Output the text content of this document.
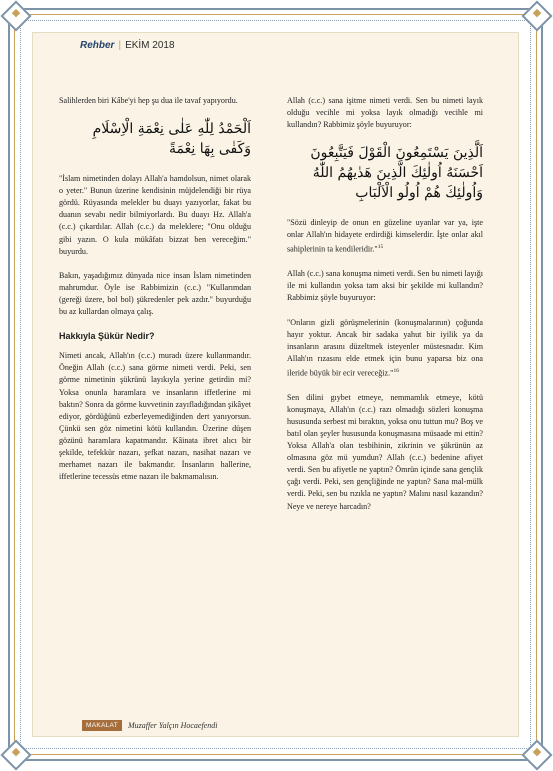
Rehber | EKİM 2018

Salihlerden biri Kâbe'yi hep şu dua ile tavaf yapıyordu.

اَلْحَمْدُ لِلّٰهِ عَلٰى نِعْمَةِ الْاِسْلَامِ
وَكَفٰى بِهَا نِعْمَةً

"İslam nimetinden dolayı Allah'a hamdolsun, nimet olarak o yeter." Bunun üzerine kendisinin müjdelendiği bir rüya gördü. Rüyasında melekler bu duayı yazıyorlar, fakat bu duanın sevabı nedir bilmiyorlardı. Bu duayı Hz. Allah'a (c.c.) çıkardılar. Allah (c.c.) da meleklere; "Onu olduğu gibi yazın. O kula mükâfatı bizzat ben vereceğim." buyurdu.

Bakın, yaşadığımız dünyada nice insan İslam nimetinden mahrumdur. Öyle ise Rabbimizin (c.c.) "Kullarımdan (gereği üzere, bol bol) şükredenler pek azdır." buyurduğu bu az kullardan olmaya çalış.

Hakkıyla Şükür Nedir?

Nimeti ancak, Allah'ın (c.c.) muradı üzere kullanmandır. Öneğin Allah (c.c.) sana görme nimeti verdi. Peki, sen görme nimetinin şükrünü layıkıyla yerine getirdin mi? Yoksa onunla haramlara ve insanların iffetlerine mi baktın? Sonra da görme kuvvetinin zayıfladığından şikâyet ediyor, gördüğünü ezberleyemediğinden dert yanıyorsun. Çünkü sen göz nimetini kötü kullandın. Üzerine düşen gözünü haramlara kapatmandır. Kâinata ibret alıcı bir şekilde, tefekkür nazarı, şefkat nazarı, nasihat nazarı ve merhamet nazarı ile bakmandır. İnsanların hallerine, iffetlerine tecessüs etme nazarı ile bakmamalısın.

Allah (c.c.) sana işitme nimeti verdi. Sen bu nimeti layık olduğu vecihle mi yoksa layık olmadığı vecihle mi kullandın? Rabbimiz şöyle buyuruyor:

اَلَّذِينَ يَسْتَمِعُونَ الْقَوْلَ فَيَتَّبِعُونَ
اَحْسَنَهُ اُولٰئِكَ الَّذِينَ هَدٰيهُمُ اللّٰهُ
وَاُولٰئِكَ هُمْ اُولُو الْاَلْبَابِ

"Sözü dinleyip de onun en güzeline uyanlar var ya, işte onlar Allah'ın hidayete erdirdiği kimselerdir. İşte onlar akıl sahiplerinin ta kendileridir."$^{15}$

Allah (c.c.) sana konuşma nimeti verdi. Sen bu nimeti layığı ile mi kullandın yoksa tam aksi bir şekilde mi kullandın? Rabbimiz şöyle buyuruyor:

"Onların gizli görüşmelerinin (konuşmalarının) çoğunda hayır yoktur. Ancak bir sadaka yahut bir iyilik ya da insanların arasını düzeltmek isteyenler müstesnadır. Kim Allah'ın rızasını elde etmek için bunu yaparsa biz ona ileride büyük bir ecir vereceğiz."$^{16}$

Sen dilini gıybet etmeye, nemmamlık etmeye, kötü konuşmaya, Allah'ın (c.c.) razı olmadığı sözleri konuşma hususunda serbest mi bıraktın, yoksa onu tuttun mu? Boş ve batıl olan şeyler hususunda konuşmasına müsaade mi ettin? Yoksa Allah'a olan tesbihinin, zikrinin ve şükrünün az olmasına göz mü yumdun? Allah (c.c.) bedenine afiyet verdi. Sen bu afiyetle ne yaptın? Ömrün içinde sana gençlik çağı verdi. Peki, sen gençliğinde ne yaptın? Sana mal-mülk verdi. Peki, sen bu rızıkla ne yaptın? Malını nasıl kazandın? Neye ve nereye harcadın?

MAKALAT Muzaffer Yalçın Hocaefendi
